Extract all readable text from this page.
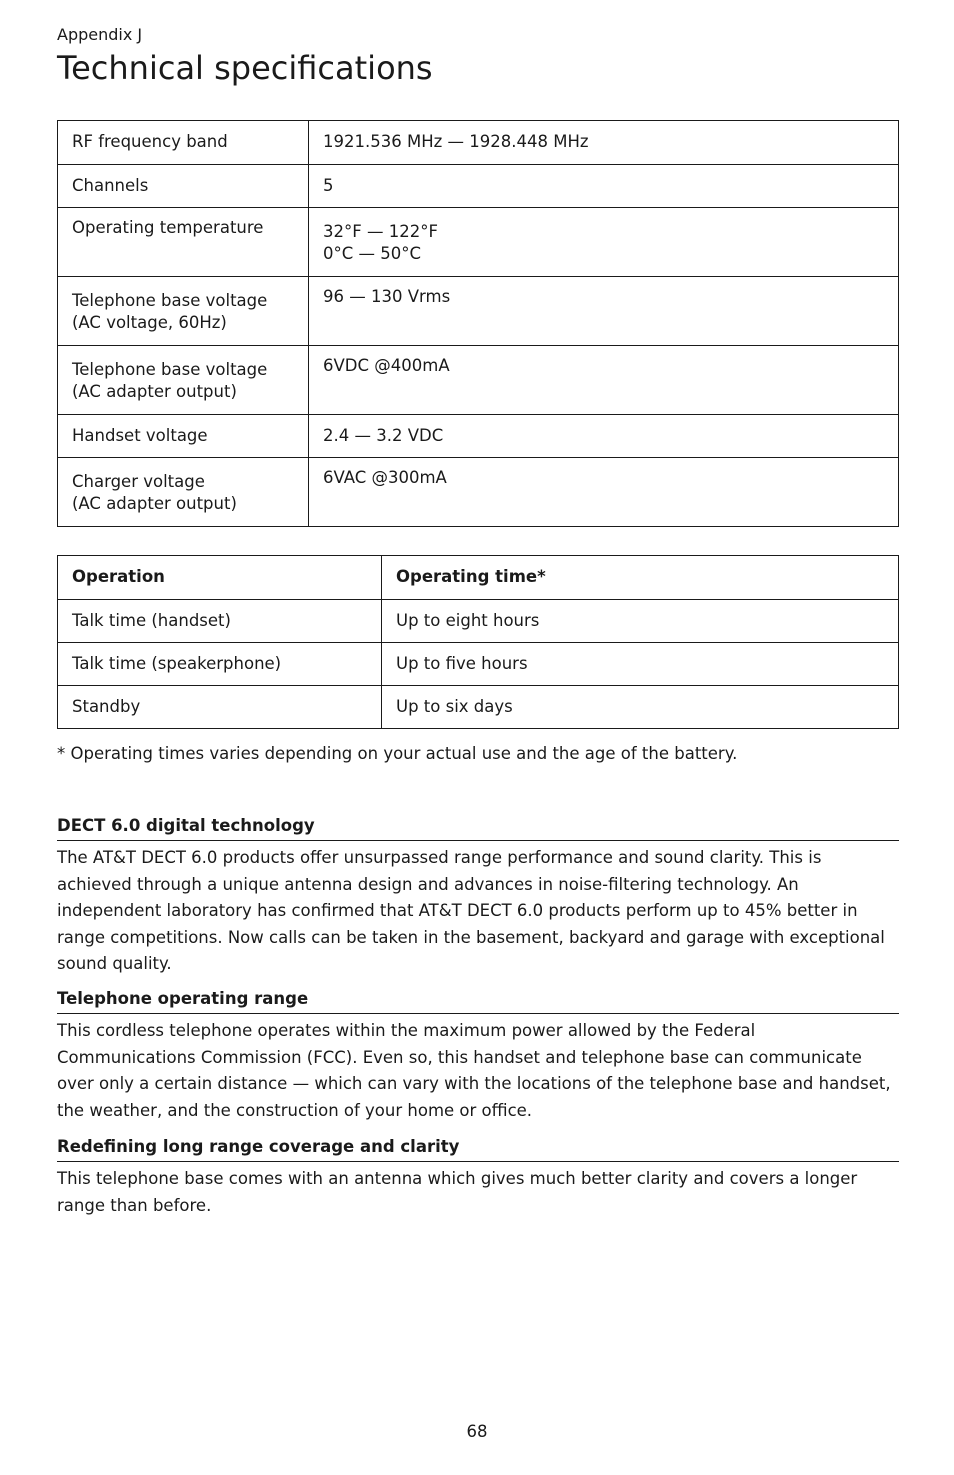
Appendix J
Technical specifications
RF frequency band	1921.536 MHz — 1928.448 MHz
Channels	5
Operating temperature	32°F — 122°F
0°C — 50°C
Telephone base voltage
(AC voltage, 60Hz)	96 — 130 Vrms
Telephone base voltage
(AC adapter output)	6VDC @400mA
Handset voltage	2.4 — 3.2 VDC
Charger voltage
(AC adapter output)	6VAC @300mA
Operation	Operating time*
Talk time (handset)	Up to eight hours
Talk time (speakerphone)	Up to five hours
Standby	Up to six days
* Operating times varies depending on your actual use and the age of the battery.
DECT 6.0 digital technology

The AT&T DECT 6.0 products offer unsurpassed range performance and sound clarity. This is achieved through a unique antenna design and advances in noise-filtering technology. An independent laboratory has confirmed that AT&T DECT 6.0 products perform up to 45% better in range competitions. Now calls can be taken in the basement, backyard and garage with exceptional sound quality.

Telephone operating range

This cordless telephone operates within the maximum power allowed by the Federal Communications Commission (FCC). Even so, this handset and telephone base can communicate over only a certain distance — which can vary with the locations of the telephone base and handset, the weather, and the construction of your home or office.

Redefining long range coverage and clarity

This telephone base comes with an antenna which gives much better clarity and covers a longer range than before.

68
